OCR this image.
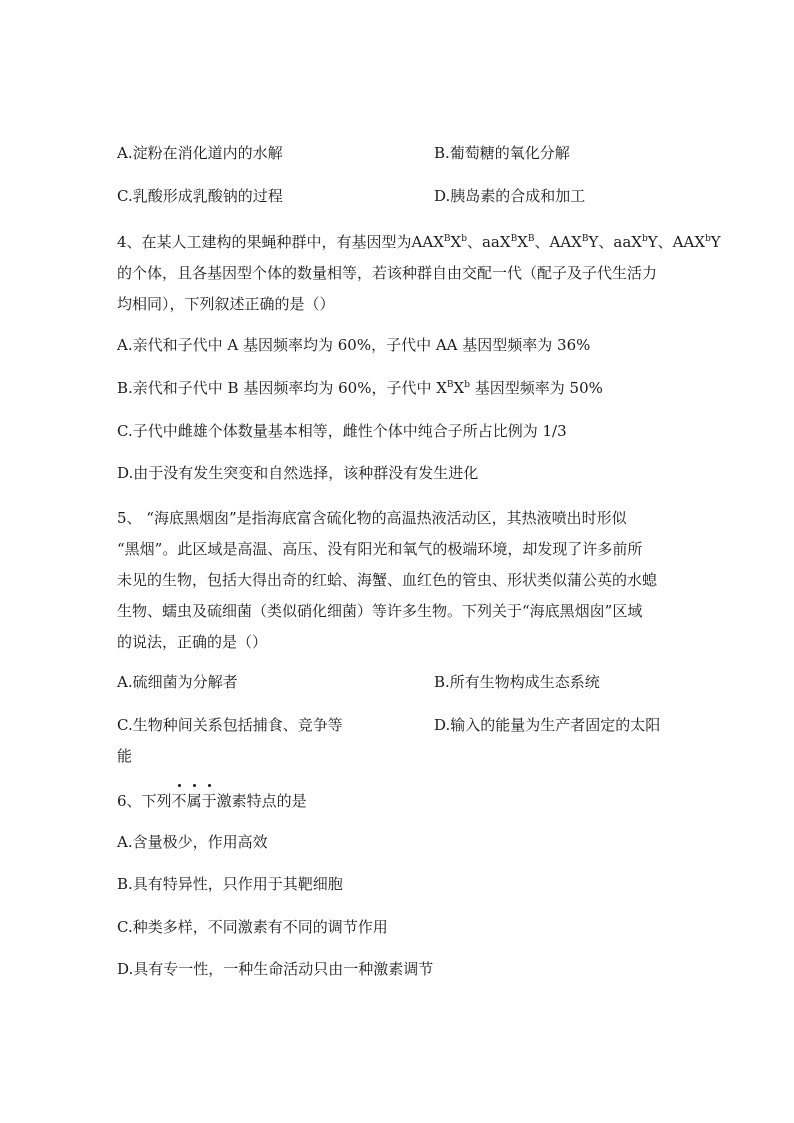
A.淀粉在消化道内的水解	B.葡萄糖的氧化分解
C.乳酸形成乳酸钠的过程	D.胰岛素的合成和加工
4、在某人工建构的果蝇种群中，有基因型为$AAX^BX^b$、$aaX^BX^B$、$AAX^BY$、aaX$^b$Y、AAX$^b$Y
的个体，且各基因型个体的数量相等，若该种群自由交配一代（配子及子代生活力
均相同），下列叙述正确的是（）
A.亲代和子代中 A 基因频率均为 60%，子代中 AA 基因型频率为 36%
B.亲代和子代中 B 基因频率均为 60%，子代中 $X^BX^b$ 基因型频率为 50%
C.子代中雌雄个体数量基本相等，雌性个体中纯合子所占比例为 1/3
D.由于没有发生突变和自然选择，该种群没有发生进化
5、 “海底黑烟囱”是指海底富含硫化物的高温热液活动区，其热液喷出时形似
“黑烟”。此区域是高温、高压、没有阳光和氧气的极端环境，却发现了许多前所
未见的生物，包括大得出奇的红蛤、海蟹、血红色的管虫、形状类似蒲公英的水螅
生物、蠕虫及硫细菌（类似硝化细菌）等许多生物。下列关于“海底黑烟囱”区域
的说法，正确的是（）
A.硫细菌为分解者	B.所有生物构成生态系统
C.生物种间关系包括捕食、竞争等	D.输入的能量为生产者固定的太阳
能
6、下列不属于激素特点的是
A.含量极少，作用高效
B.具有特异性，只作用于其靶细胞
C.种类多样，不同激素有不同的调节作用
D.具有专一性，一种生命活动只由一种激素调节
